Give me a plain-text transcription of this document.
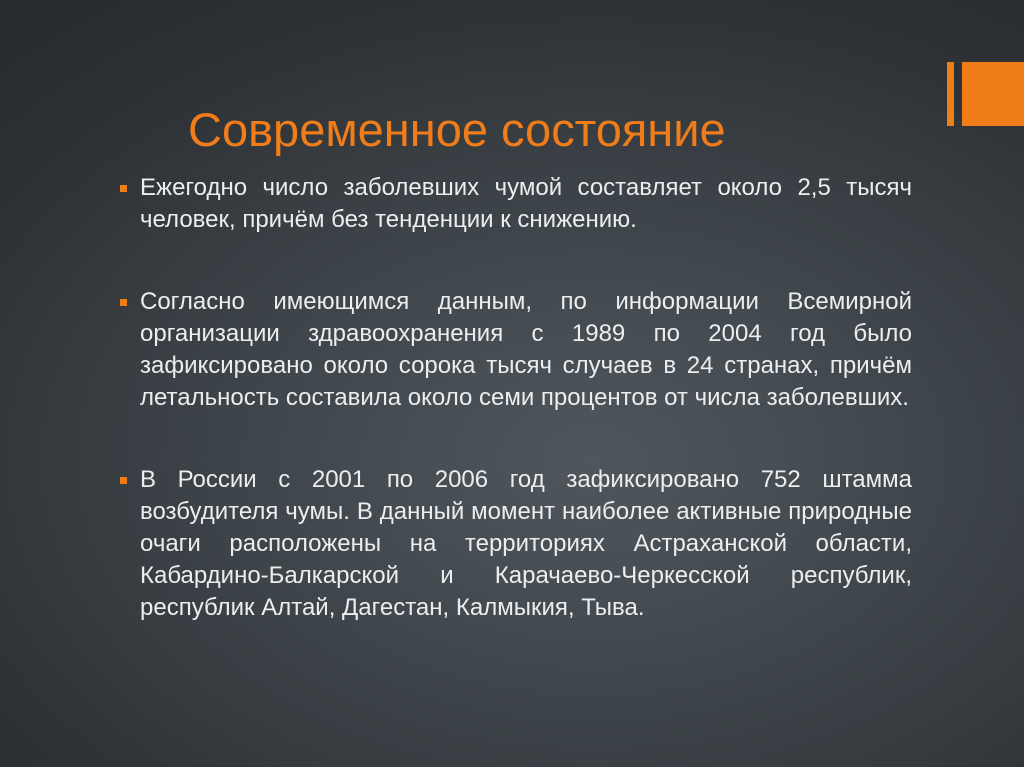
Современное состояние
Ежегодно число заболевших чумой составляет около 2,5 тысяч человек, причём без тенденции к снижению.
Согласно имеющимся данным, по информации Всемирной организации здравоохранения с 1989 по 2004 год было зафиксировано около сорока тысяч случаев в 24 странах, причём летальность составила около семи процентов от числа заболевших.
В России с 2001 по 2006 год зафиксировано 752 штамма возбудителя чумы. В данный момент наиболее активные природные очаги расположены на территориях Астраханской области, Кабардино-Балкарской и Карачаево-Черкесской республик, республик Алтай, Дагестан, Калмыкия, Тыва.
